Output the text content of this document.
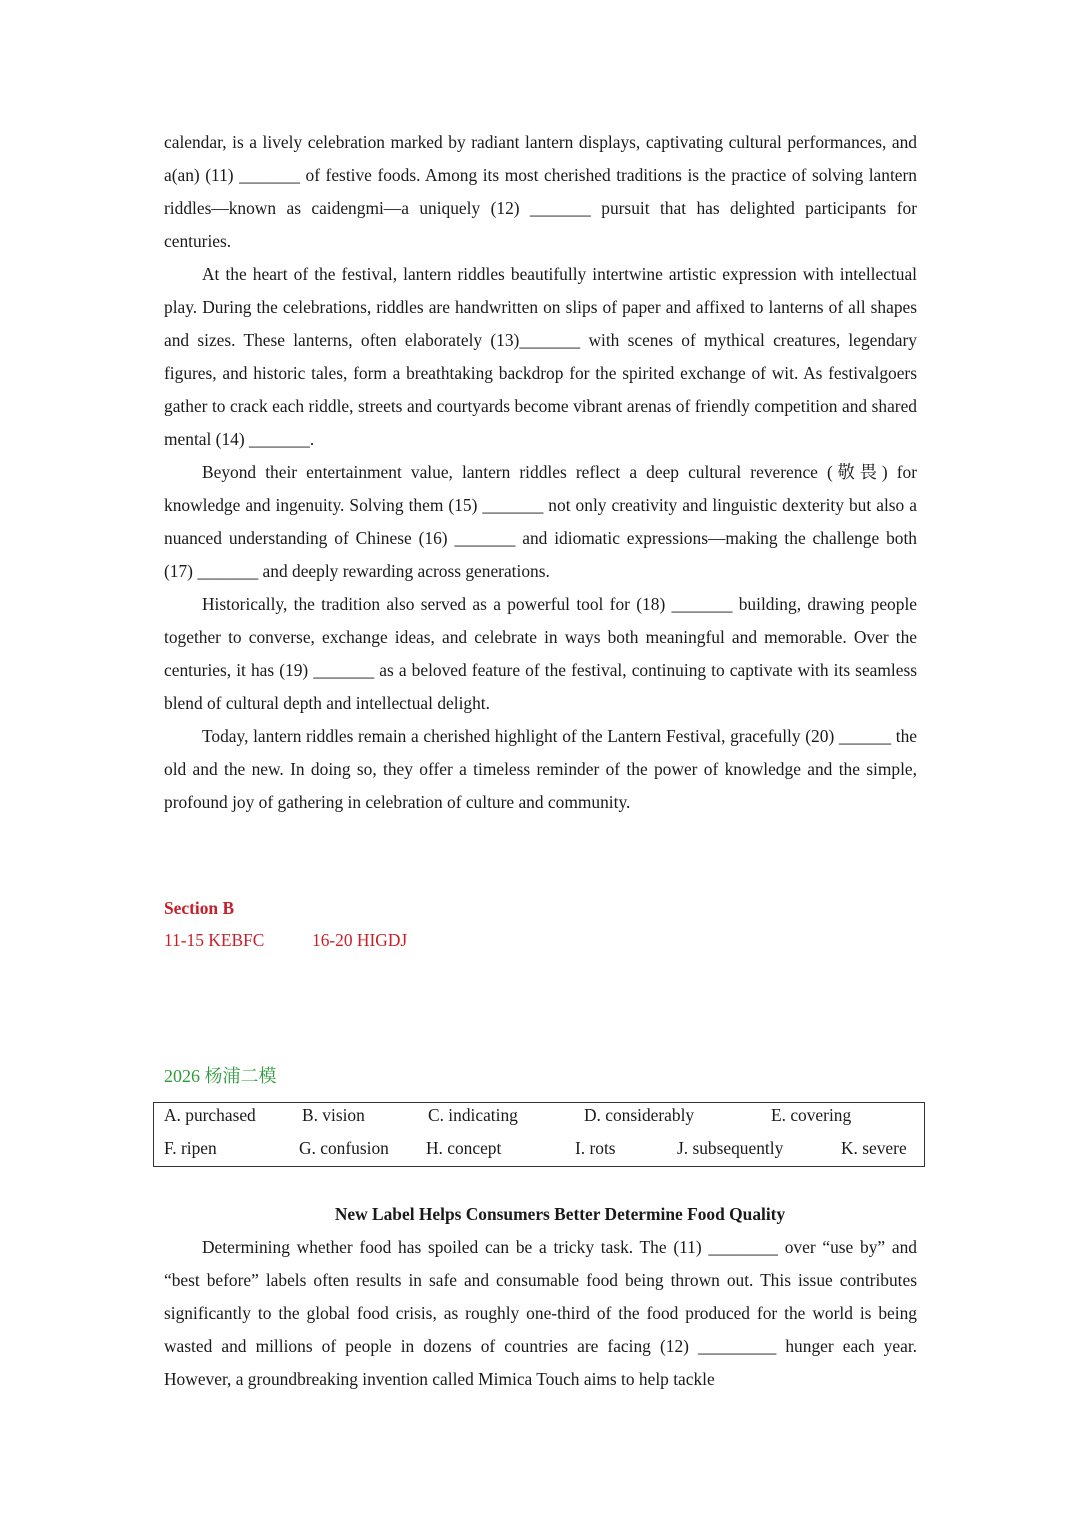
calendar, is a lively celebration marked by radiant lantern displays, captivating cultural performances, and a(an) (11) _______ of festive foods. Among its most cherished traditions is the practice of solving lantern riddles—known as caidengmi—a uniquely (12) _______ pursuit that has delighted participants for centuries.

At the heart of the festival, lantern riddles beautifully intertwine artistic expression with intellectual play. During the celebrations, riddles are handwritten on slips of paper and affixed to lanterns of all shapes and sizes. These lanterns, often elaborately (13)_______ with scenes of mythical creatures, legendary figures, and historic tales, form a breathtaking backdrop for the spirited exchange of wit. As festivalgoers gather to crack each riddle, streets and courtyards become vibrant arenas of friendly competition and shared mental (14) _______.

Beyond their entertainment value, lantern riddles reflect a deep cultural reverence (敬畏) for knowledge and ingenuity. Solving them (15) _______ not only creativity and linguistic dexterity but also a nuanced understanding of Chinese (16) _______ and idiomatic expressions—making the challenge both (17) _______ and deeply rewarding across generations.

Historically, the tradition also served as a powerful tool for (18) _______ building, drawing people together to converse, exchange ideas, and celebrate in ways both meaningful and memorable. Over the centuries, it has (19) _______ as a beloved feature of the festival, continuing to captivate with its seamless blend of cultural depth and intellectual delight.

Today, lantern riddles remain a cherished highlight of the Lantern Festival, gracefully (20) ______ the old and the new. In doing so, they offer a timeless reminder of the power of knowledge and the simple, profound joy of gathering in celebration of culture and community.

Section B
11-15 KEBFC	16-20 HIGDJ
2026 杨浦二模
A. purchased	B. vision	C. indicating	D. considerably	E. covering
F. ripen	G. confusion H. concept	I. rots	J. subsequently	K. severe
New Label Helps Consumers Better Determine Food Quality

Determining whether food has spoiled can be a tricky task. The (11) ________ over “use by” and “best before” labels often results in safe and consumable food being thrown out. This issue contributes significantly to the global food crisis, as roughly one-third of the food produced for the world is being wasted and millions of people in dozens of countries are facing (12) _________ hunger each year. However, a groundbreaking invention called Mimica Touch aims to help tackle
